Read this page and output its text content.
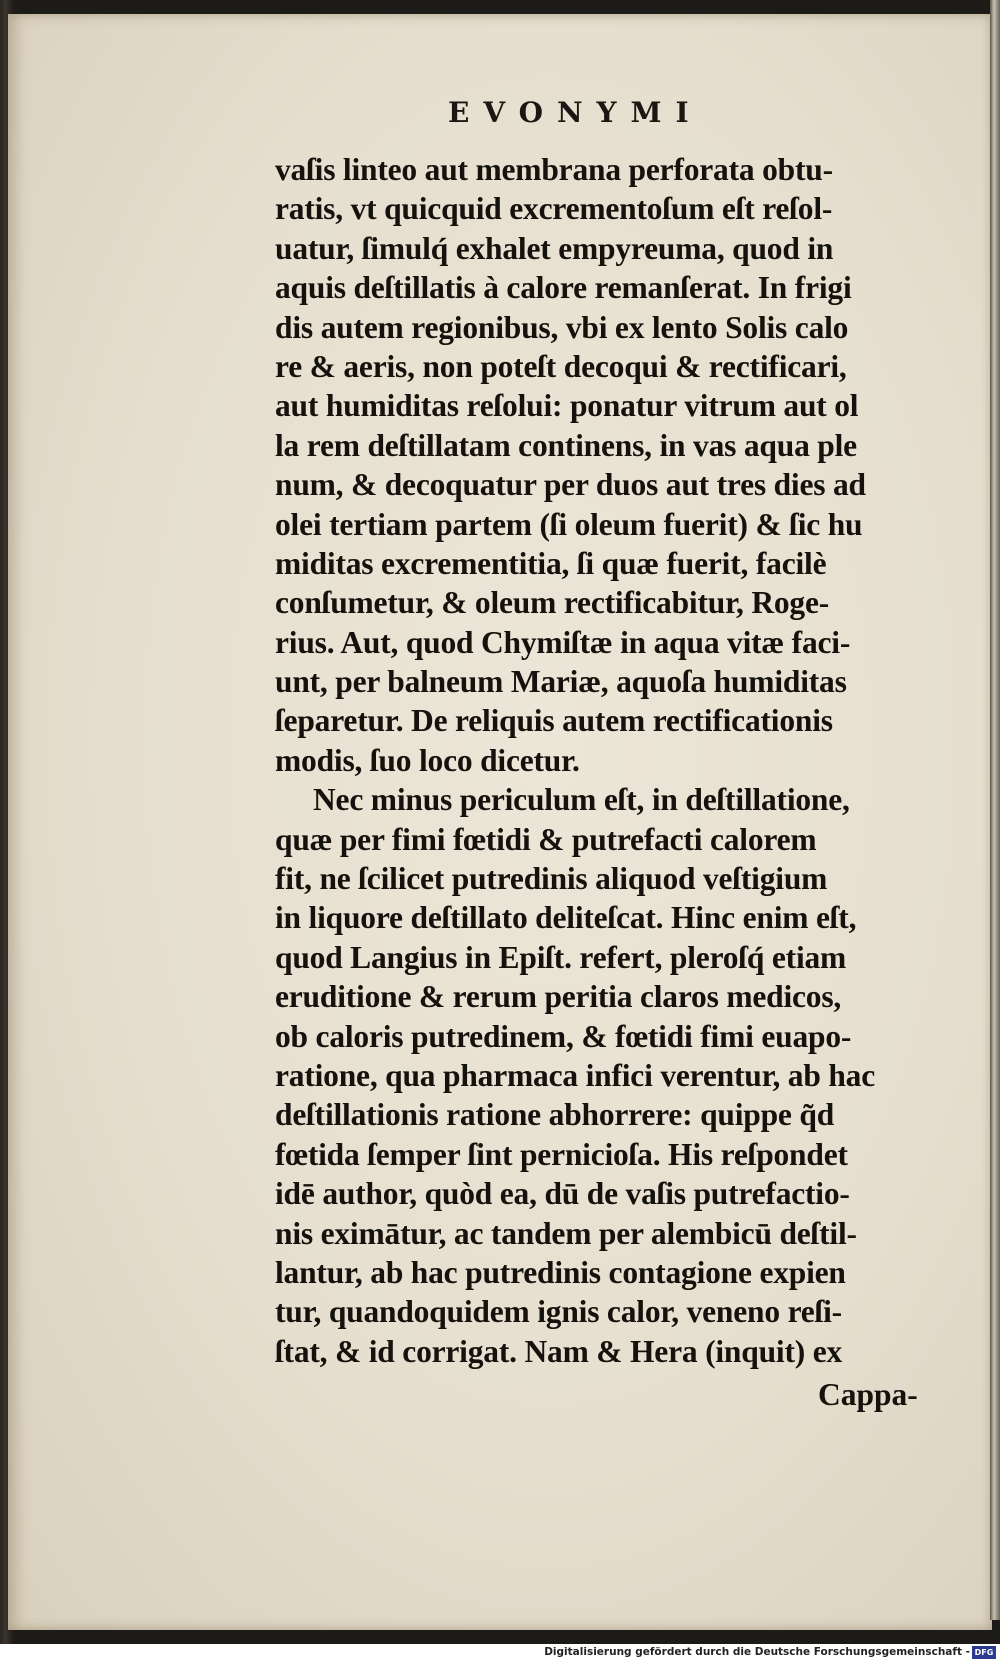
EVONYMI
vaſis linteo aut membrana perforata obtu-
ratis, vt quicquid excrementoſum eſt reſol-
uatur, ſimulq́ exhalet empyreuma, quod in
aquis deſtillatis à calore remanſerat. In frigi
dis autem regionibus, vbi ex lento Solis calo
re & aeris, non poteſt decoqui & rectificari,
aut humiditas reſolui: ponatur vitrum aut ol
la rem deſtillatam continens, in vas aqua ple
num, & decoquatur per duos aut tres dies ad
olei tertiam partem (ſi oleum fuerit) & ſic hu
miditas excrementitia, ſi quæ fuerit, facilè
conſumetur, & oleum rectificabitur, Roge-
rius. Aut, quod Chymiſtæ in aqua vitæ faci-
unt, per balneum Mariæ, aquoſa humiditas
ſeparetur. De reliquis autem rectificationis
modis, ſuo loco dicetur.
Nec minus periculum eſt, in deſtillatione,
quæ per fimi fœtidi & putrefacti calorem
fit, ne ſcilicet putredinis aliquod veſtigium
in liquore deſtillato deliteſcat. Hinc enim eſt,
quod Langius in Epiſt. refert, pleroſq́ etiam
eruditione & rerum peritia claros medicos,
ob caloris putredinem, & fœtidi fimi euapo-
ratione, qua pharmaca infici verentur, ab hac
deſtillationis ratione abhorrere: quippe q̃d
fœtida ſemper ſint pernicioſa. His reſpondet
idē author, quòd ea, dū de vaſis putrefactio-
nis eximātur, ac tandem per alembicū deſtil-
lantur, ab hac putredinis contagione expien
tur, quandoquidem ignis calor, veneno reſi-
ſtat, & id corrigat. Nam & Hera (inquit) ex
Cappa-
Digitalisierung gefördert durch die Deutsche Forschungsgemeinschaft - DFG
